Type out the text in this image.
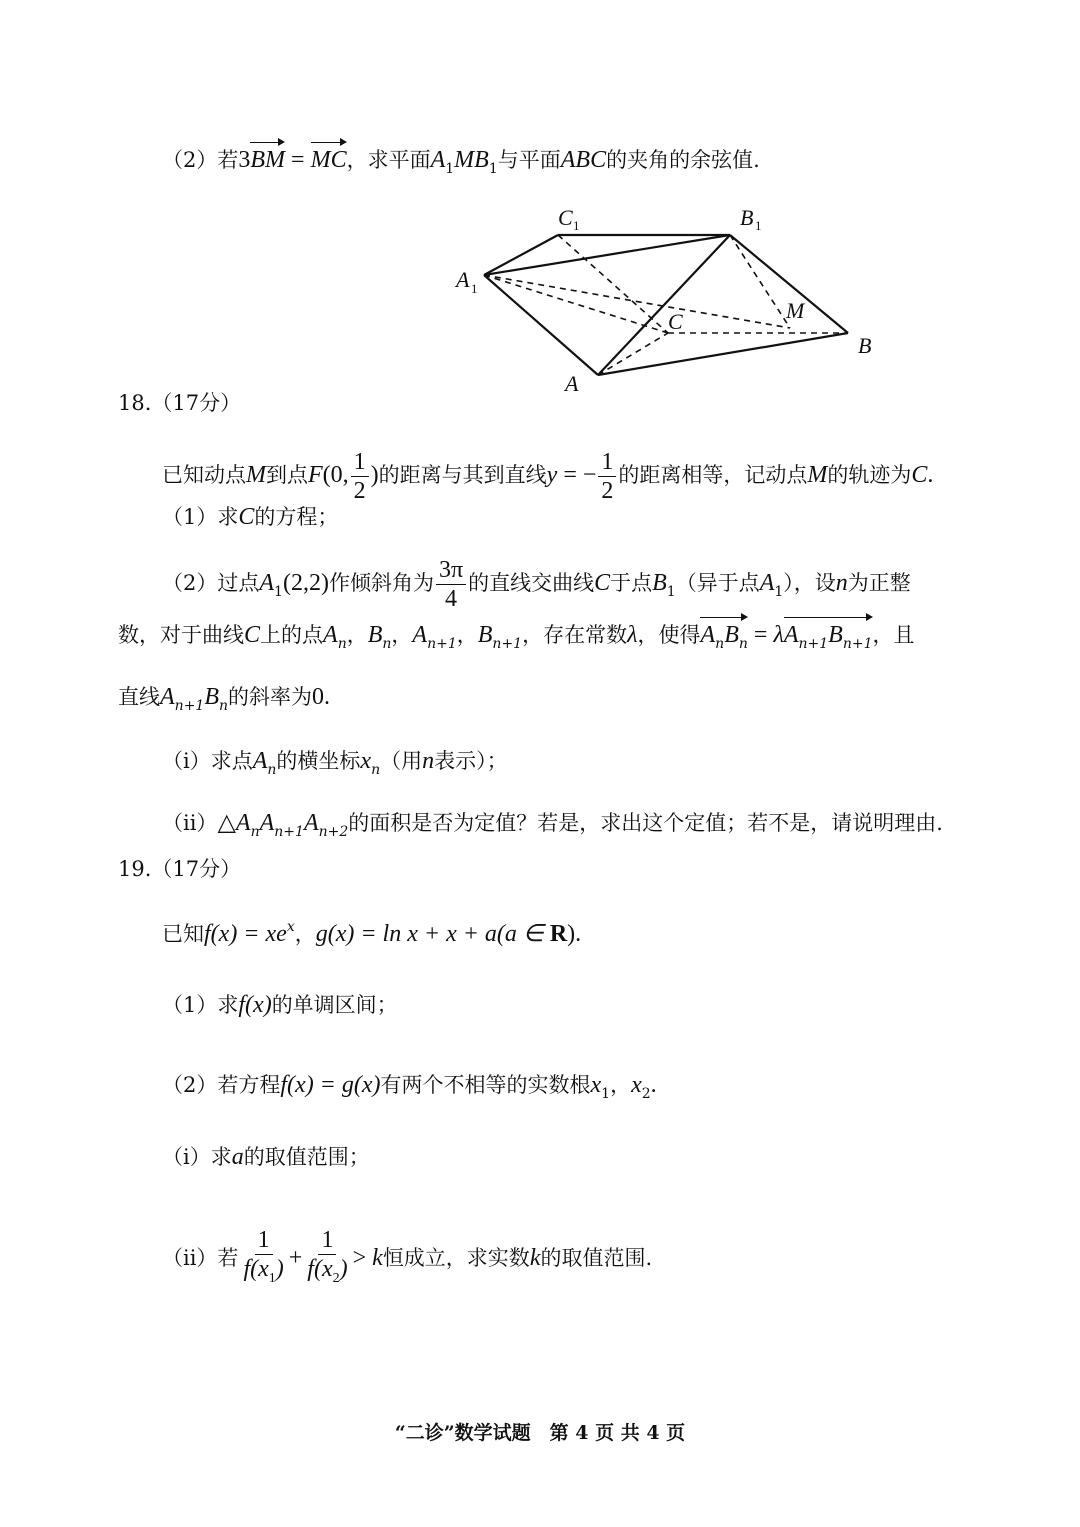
（2）若3BM = MC，求平面$A_1MB_1$与平面ABC的夹角的余弦值.
C 1	B 1
A 1
C	M
B
A
18.（17分）
已知动点M到点F(0, $\frac{1}{2}$ )的距离与其到直线y = − $\frac{1}{2}$ 的距离相等，记动点M的轨迹为C.
（1）求C的方程；
（2）过点$A_1(2,2)$作倾斜角为 $\frac{3\pi}{4}$ 的直线交曲线C于点$B_1$（异于点$A_1$），设n为正整
数，对于曲线C上的点$A_n$，$B_n$，$A_{n+1}$，$B_{n+1}$，存在常数λ，使得$A_nB_n = \lambda A_{n+1}B_{n+1}$，且
直线$A_{n+1}B_n$的斜率为0.
（i）求点$A_n$的横坐标$x_n$（用n表示）；
$(ii)\triangle A_nA_{n+1}A_{n+2}$的面积是否为定值？若是，求出这个定值；若不是，请说明理由.
19.（17分）
已知$f(x) = xe^x$，g(x) = ln x + x + a(a ∈ R).
（1）求f(x)的单调区间；
（2）若方程f(x) = g(x)有两个不相等的实数根$x_1$，$x_2$.
（i）求a的取值范围；
（ii）若 $\frac{1}{f(x_1)} + \frac{1}{f(x_2)} > k$恒成立，求实数k的取值范围.
“二诊”数学试题　第 4 页 共 4 页
